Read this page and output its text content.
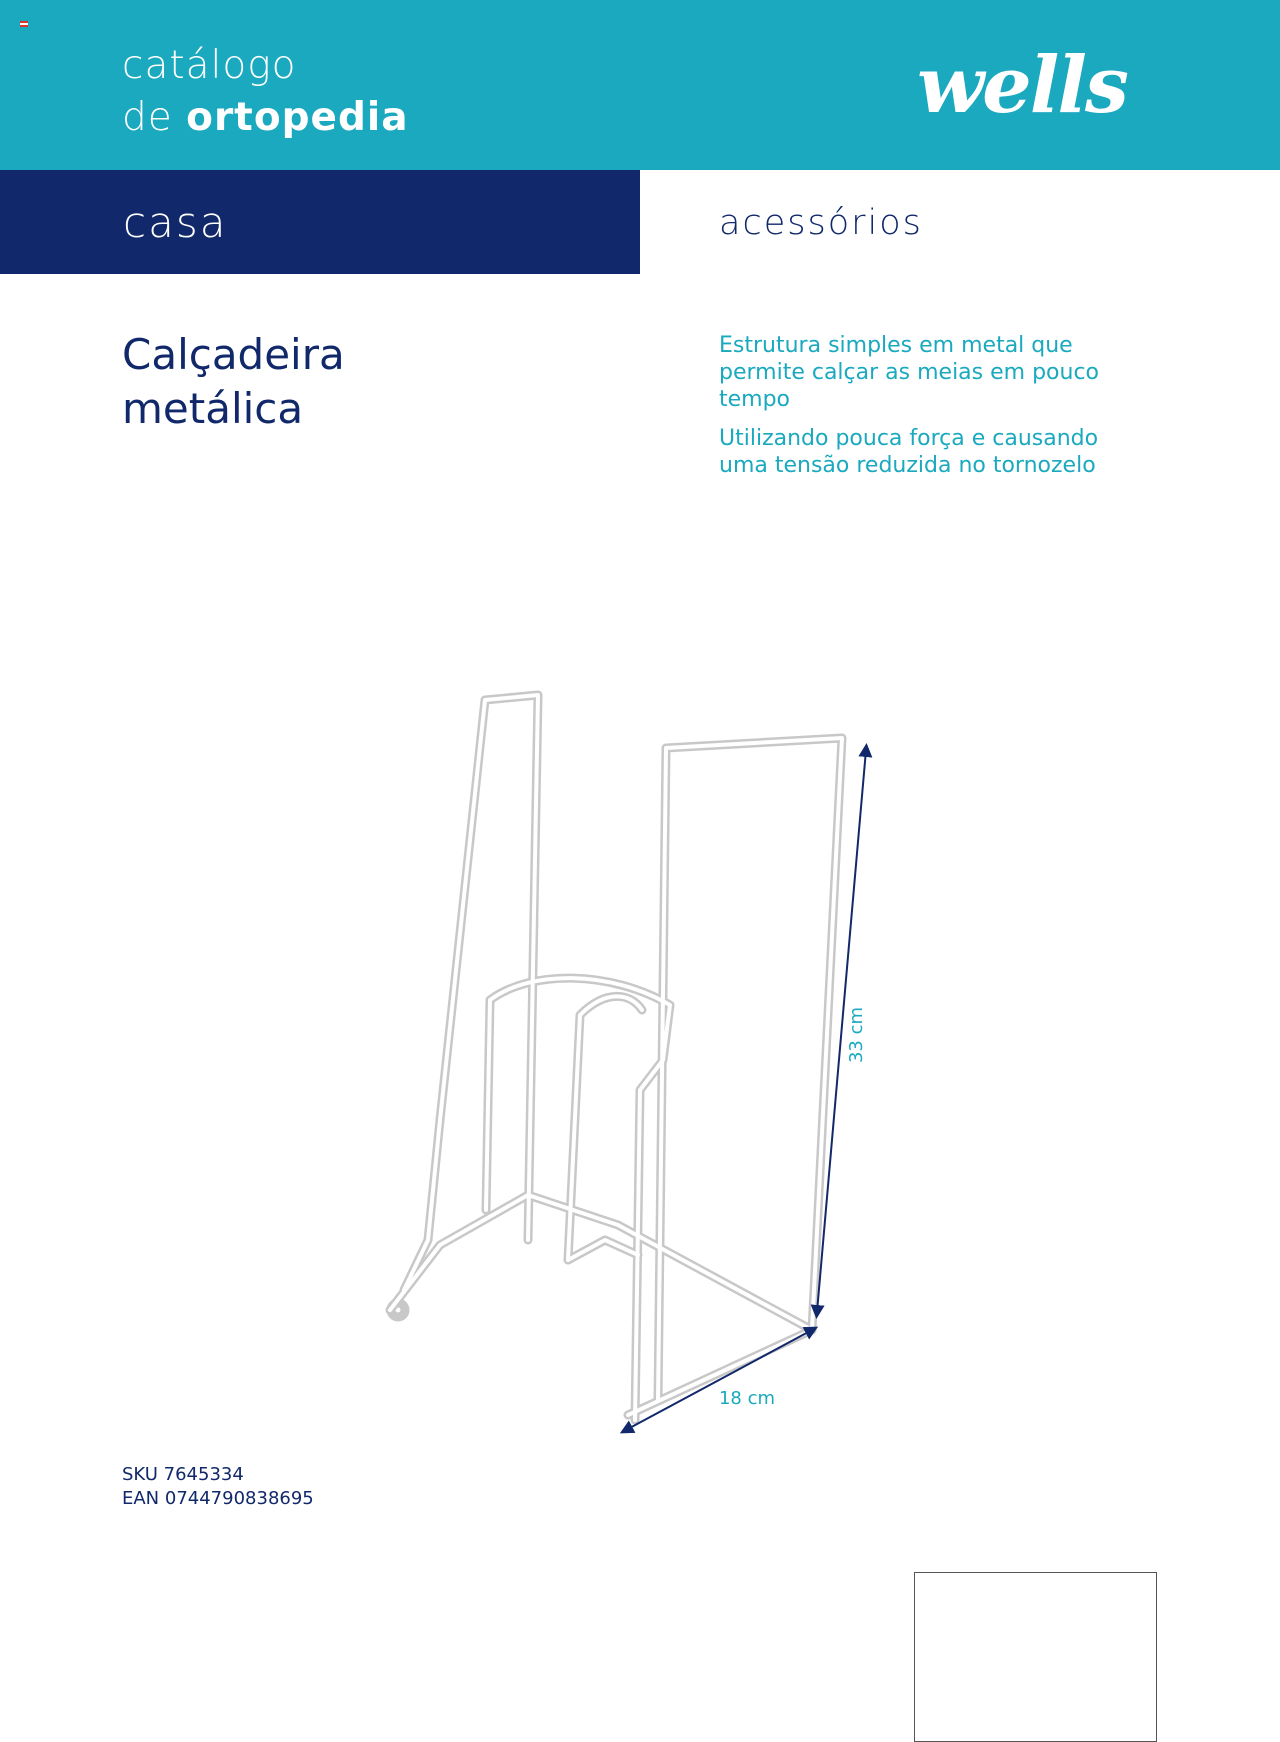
catálogo
de ortopedia	wells
casa	acessórios
Calçadeira
metálica

Estrutura simples em metal que permite calçar as meias em pouco tempo

Utilizando pouca força e causando uma tensão reduzida no tornozelo

33 cm
18 cm
SKU 7645334
EAN 0744790838695
